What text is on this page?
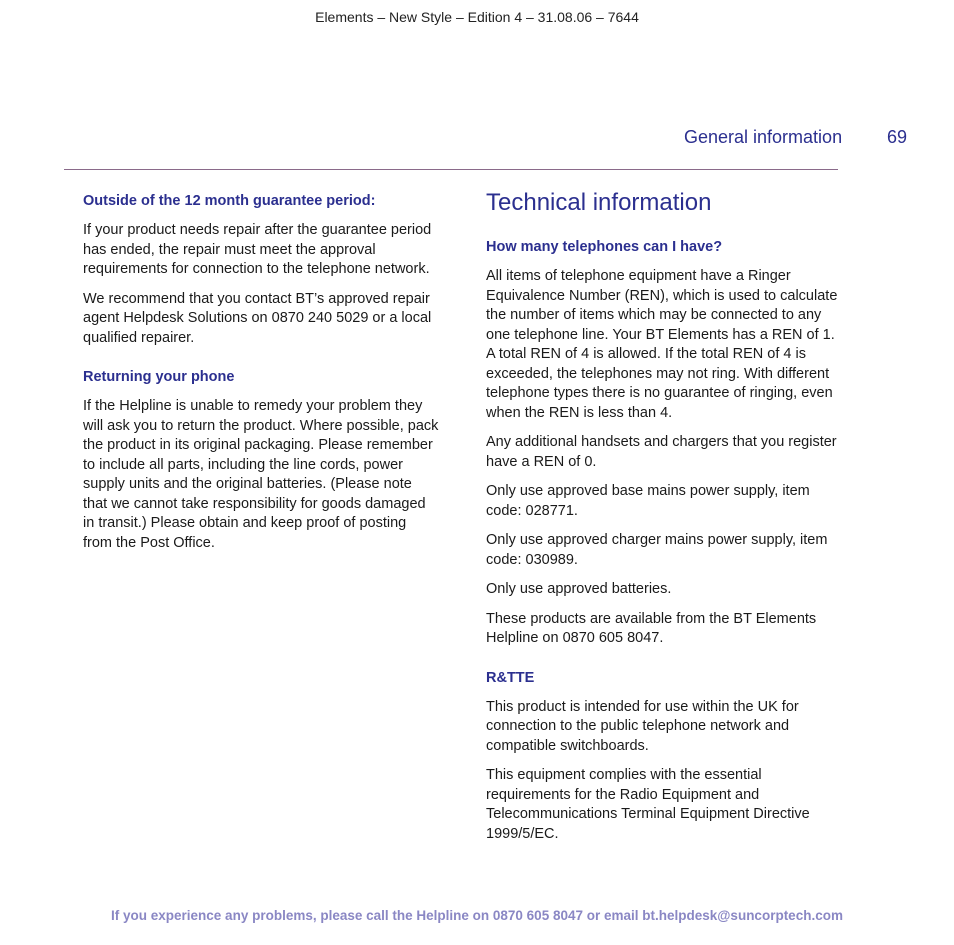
Elements – New Style – Edition 4 – 31.08.06 – 7644
General information 69
Outside of the 12 month guarantee period:

If your product needs repair after the guarantee period has ended, the repair must meet the approval requirements for connection to the telephone network.

We recommend that you contact BT’s approved repair agent Helpdesk Solutions on 0870 240 5029 or a local qualified repairer.

Returning your phone

If the Helpline is unable to remedy your problem they will ask you to return the product. Where possible, pack the product in its original packaging. Please remember to include all parts, including the line cords, power supply units and the original batteries. (Please note that we cannot take responsibility for goods damaged in transit.) Please obtain and keep proof of posting from the Post Office.

Technical information
How many telephones can I have?

All items of telephone equipment have a Ringer Equivalence Number (REN), which is used to calculate the number of items which may be connected to any one telephone line. Your BT Elements has a REN of 1. A total REN of 4 is allowed. If the total REN of 4 is exceeded, the telephones may not ring. With different telephone types there is no guarantee of ringing, even when the REN is less than 4.

Any additional handsets and chargers that you register have a REN of 0.

Only use approved base mains power supply, item code: 028771.

Only use approved charger mains power supply, item code: 030989.

Only use approved batteries.

These products are available from the BT Elements Helpline on 0870 605 8047.

R&TTE

This product is intended for use within the UK for connection to the public telephone network and compatible switchboards.

This equipment complies with the essential requirements for the Radio Equipment and Telecommunications Terminal Equipment Directive 1999/5/EC.

If you experience any problems, please call the Helpline on 0870 605 8047 or email bt.helpdesk@suncorptech.com
